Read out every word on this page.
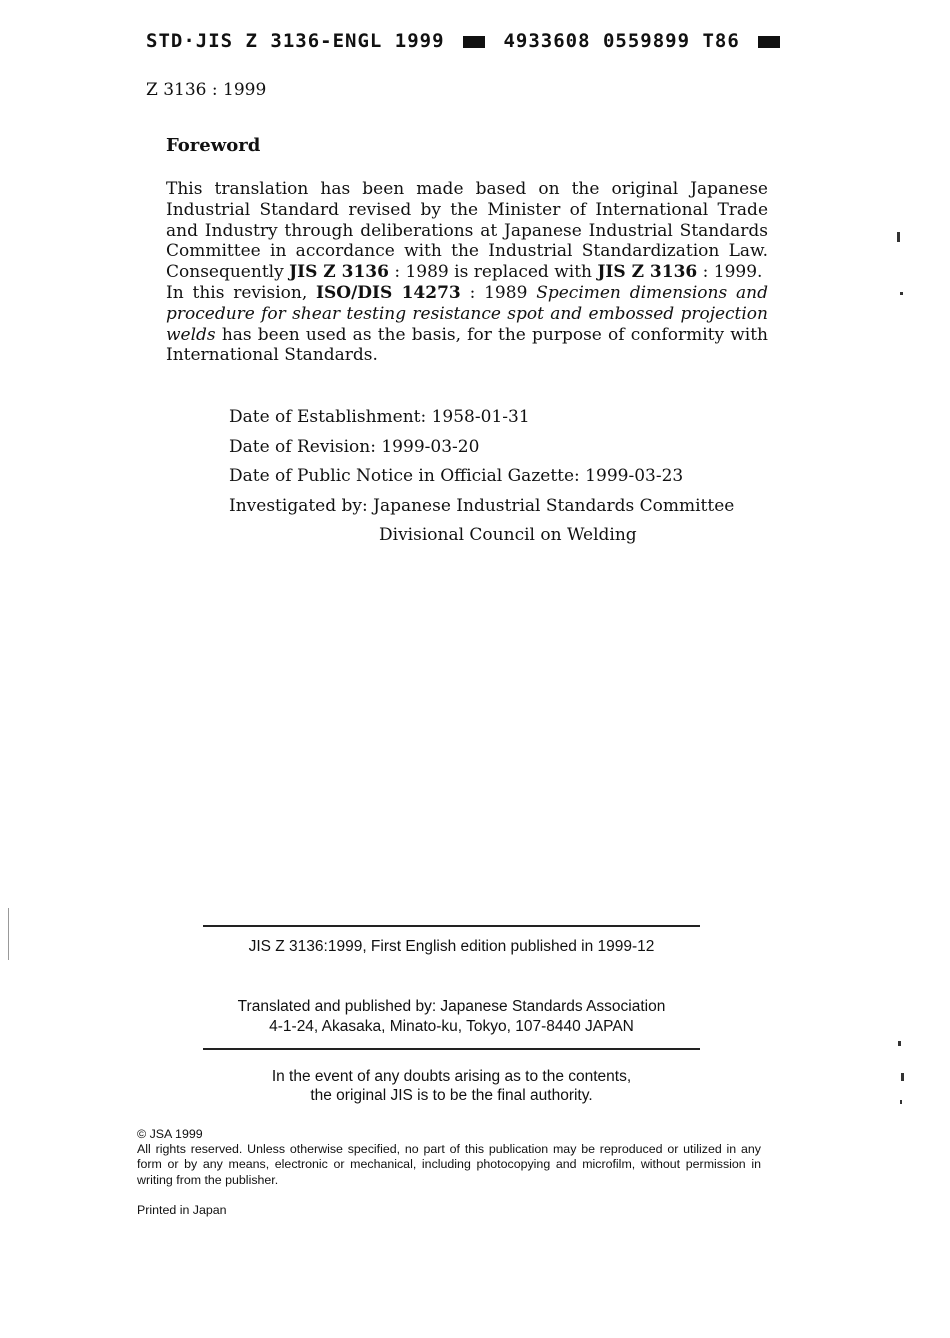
STD·JIS Z 3136-ENGL 1999	4933608 0559899 T86
Z 3136 : 1999
Foreword

This translation has been made based on the original Japanese Industrial Standard revised by the Minister of International Trade and Industry through deliberations at Japanese Industrial Standards Committee in accordance with the Industrial Standardization Law. Consequently JIS Z 3136 : 1989 is replaced with JIS Z 3136 : 1999.

In this revision, ISO/DIS 14273 : 1989 Specimen dimensions and procedure for shear testing resistance spot and embossed projection welds has been used as the basis, for the purpose of conformity with International Standards.

Date of Establishment: 1958-01-31
Date of Revision: 1999-03-20
Date of Public Notice in Official Gazette: 1999-03-23
Investigated by: Japanese Industrial Standards Committee
Divisional Council on Welding
JIS Z 3136:1999, First English edition published in 1999-12
Translated and published by: Japanese Standards Association
4-1-24, Akasaka, Minato-ku, Tokyo, 107-8440 JAPAN
In the event of any doubts arising as to the contents,
the original JIS is to be the final authority.

© JSA 1999

All rights reserved. Unless otherwise specified, no part of this publication may be reproduced or utilized in any form or by any means, electronic or mechanical, including photocopying and microfilm, without permission in writing from the publisher.

Printed in Japan
